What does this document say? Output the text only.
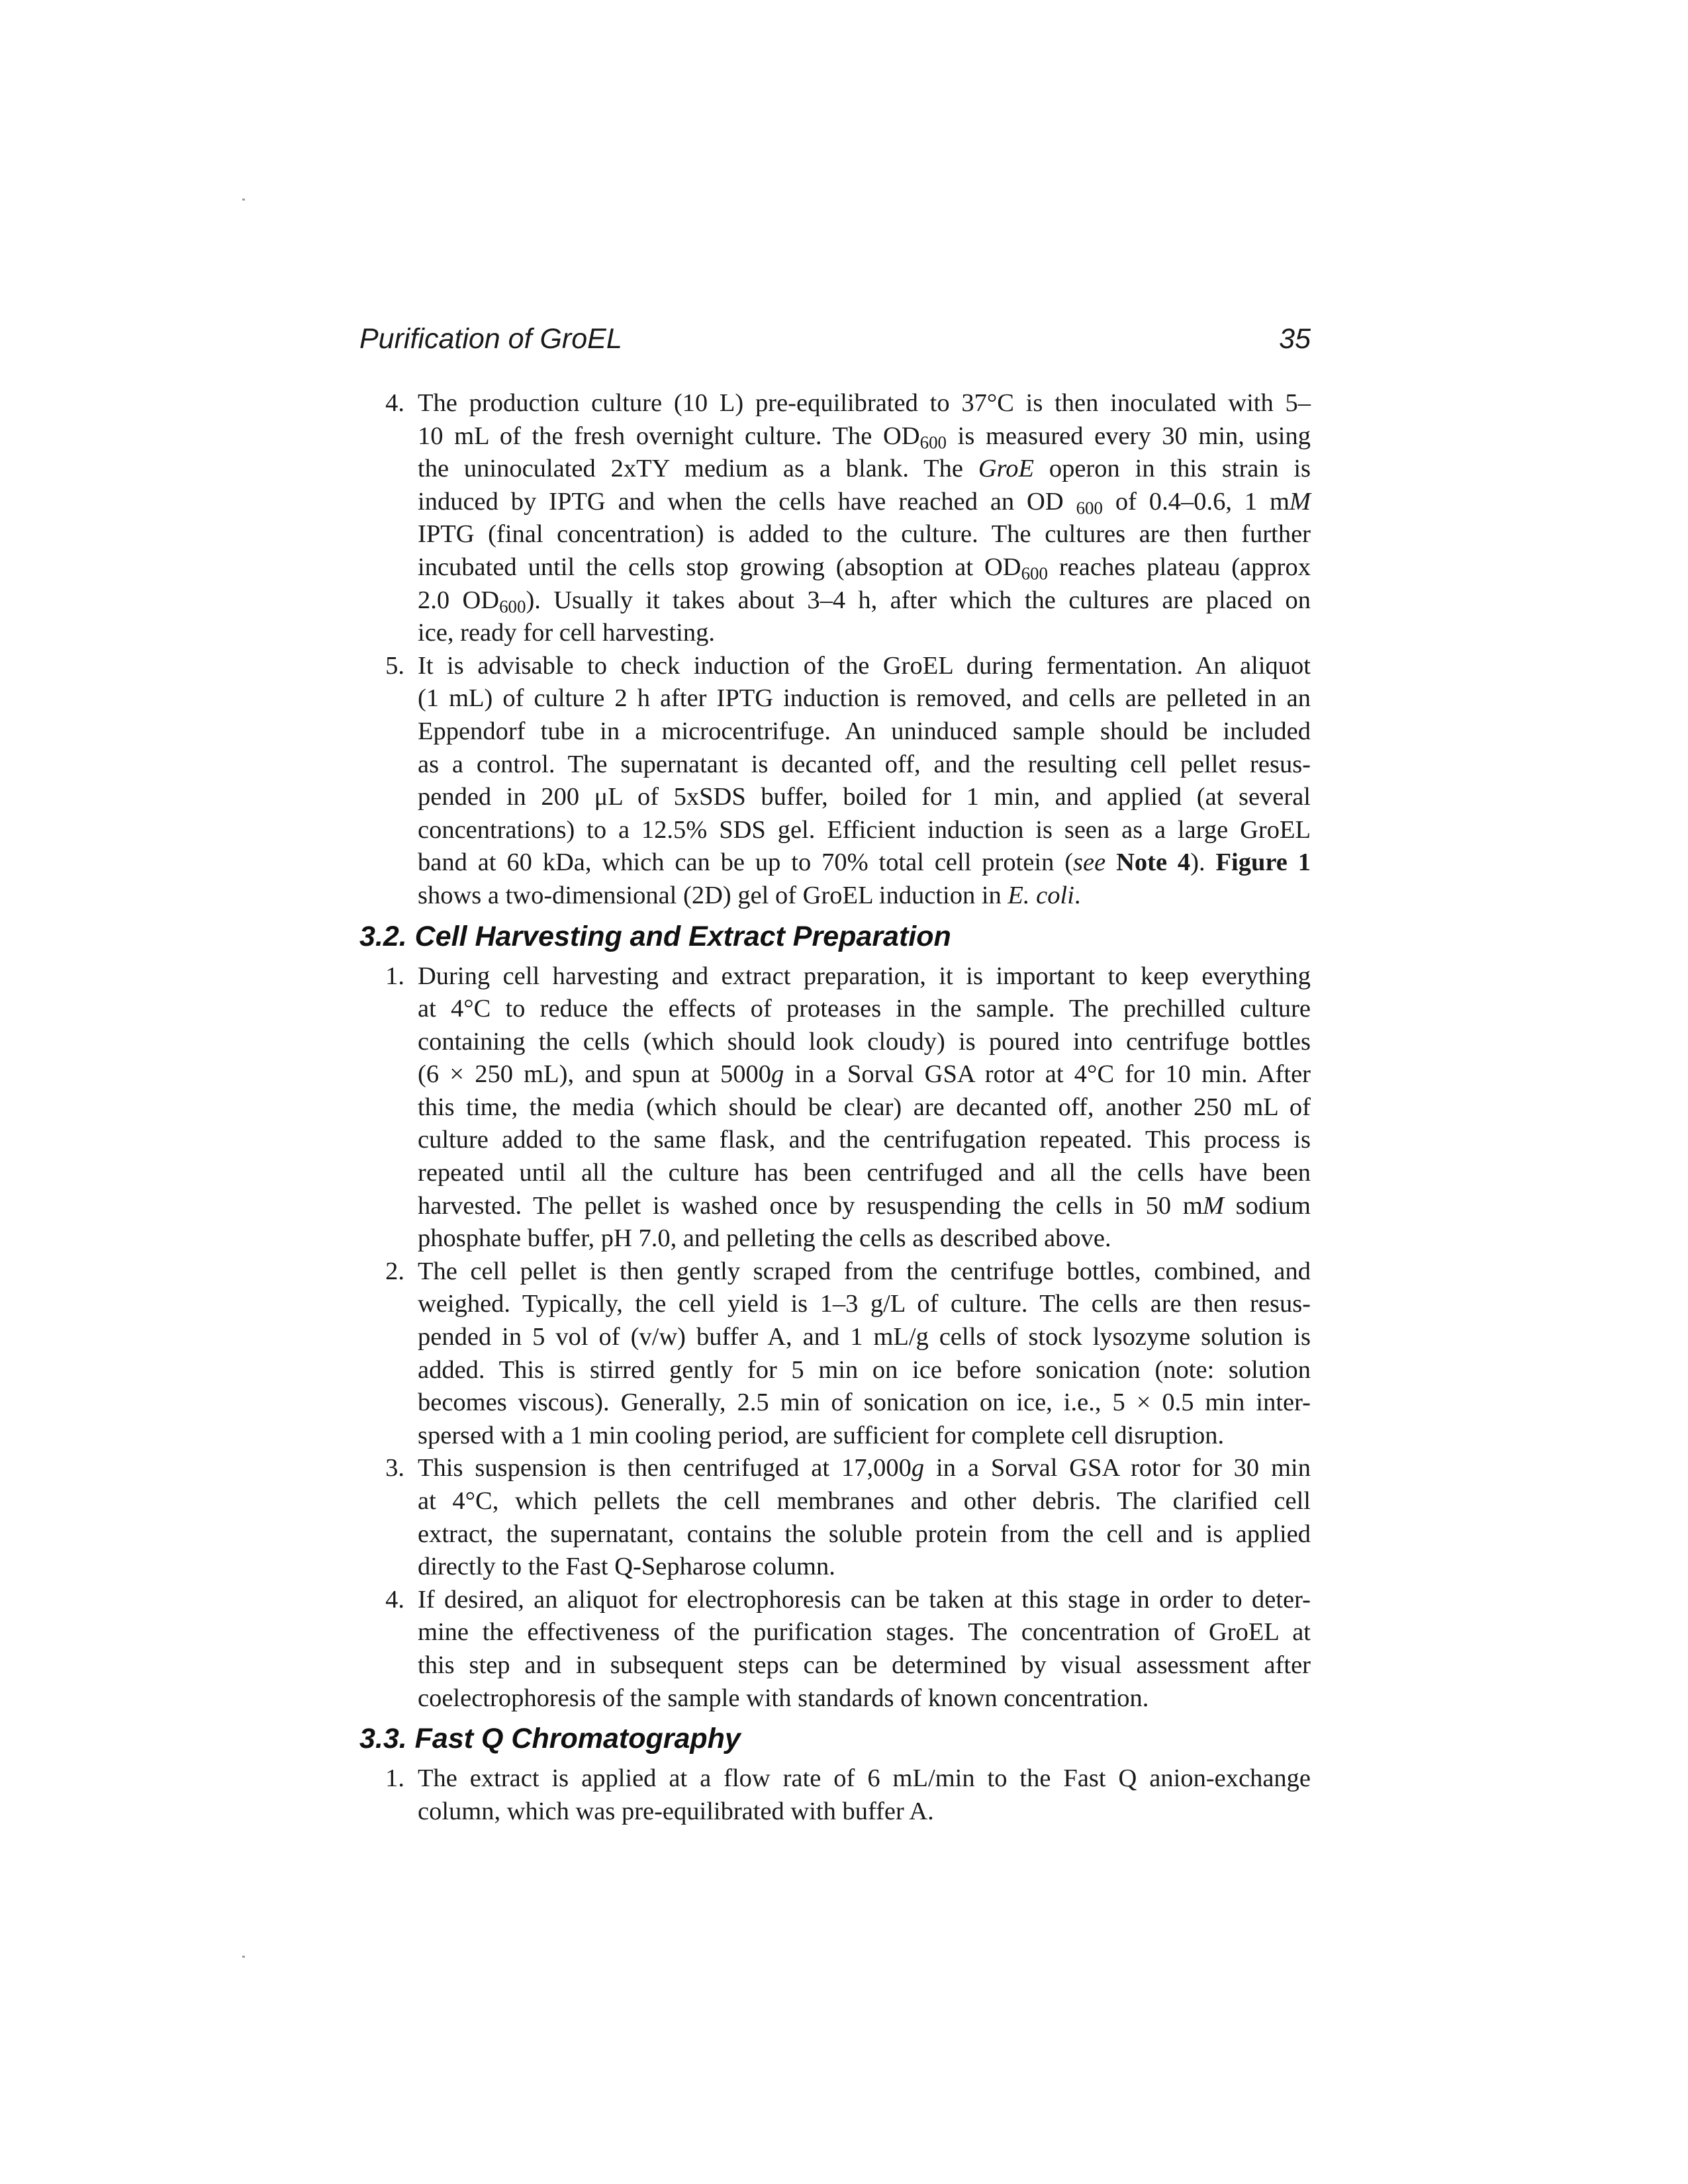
Purification of GroEL	35
4. The production culture (10 L) pre-equilibrated to 37°C is then inoculated with 5–
10 mL of the fresh overnight culture. The $OD_{600}$ is measured every 30 min, using
the uninoculated 2xTY medium as a blank. The GroE operon in this strain is
induced by IPTG and when the cells have reached an OD $_{600}$ of 0.4–0.6, 1 mM
IPTG (final concentration) is added to the culture. The cultures are then further
incubated until the cells stop growing (absoption at $OD_{600}$ reaches plateau (approx
2.0 $OD_{600}$). Usually it takes about 3–4 h, after which the cultures are placed on
ice, ready for cell harvesting.
5. It is advisable to check induction of the GroEL during fermentation. An aliquot
(1 mL) of culture 2 h after IPTG induction is removed, and cells are pelleted in an
Eppendorf tube in a microcentrifuge. An uninduced sample should be included
as a control. The supernatant is decanted off, and the resulting cell pellet resus-
pended in 200 μL of 5xSDS buffer, boiled for 1 min, and applied (at several
concentrations) to a 12.5% SDS gel. Efficient induction is seen as a large GroEL
band at 60 kDa, which can be up to 70% total cell protein (see Note 4). Figure 1
shows a two-dimensional (2D) gel of GroEL induction in E. coli.
3.2. Cell Harvesting and Extract Preparation
1. During cell harvesting and extract preparation, it is important to keep everything
at 4°C to reduce the effects of proteases in the sample. The prechilled culture
containing the cells (which should look cloudy) is poured into centrifuge bottles
(6 × 250 mL), and spun at 5000g in a Sorval GSA rotor at 4°C for 10 min. After
this time, the media (which should be clear) are decanted off, another 250 mL of
culture added to the same flask, and the centrifugation repeated. This process is
repeated until all the culture has been centrifuged and all the cells have been
harvested. The pellet is washed once by resuspending the cells in 50 mM sodium
phosphate buffer, pH 7.0, and pelleting the cells as described above.
2. The cell pellet is then gently scraped from the centrifuge bottles, combined, and
weighed. Typically, the cell yield is 1–3 g/L of culture. The cells are then resus-
pended in 5 vol of (v/w) buffer A, and 1 mL/g cells of stock lysozyme solution is
added. This is stirred gently for 5 min on ice before sonication (note: solution
becomes viscous). Generally, 2.5 min of sonication on ice, i.e., 5 × 0.5 min inter-
spersed with a 1 min cooling period, are sufficient for complete cell disruption.
3. This suspension is then centrifuged at 17,000g in a Sorval GSA rotor for 30 min
at 4°C, which pellets the cell membranes and other debris. The clarified cell
extract, the supernatant, contains the soluble protein from the cell and is applied
directly to the Fast Q-Sepharose column.
4. If desired, an aliquot for electrophoresis can be taken at this stage in order to deter-
mine the effectiveness of the purification stages. The concentration of GroEL at
this step and in subsequent steps can be determined by visual assessment after
coelectrophoresis of the sample with standards of known concentration.
3.3. Fast Q Chromatography
1. The extract is applied at a flow rate of 6 mL/min to the Fast Q anion-exchange
column, which was pre-equilibrated with buffer A.
